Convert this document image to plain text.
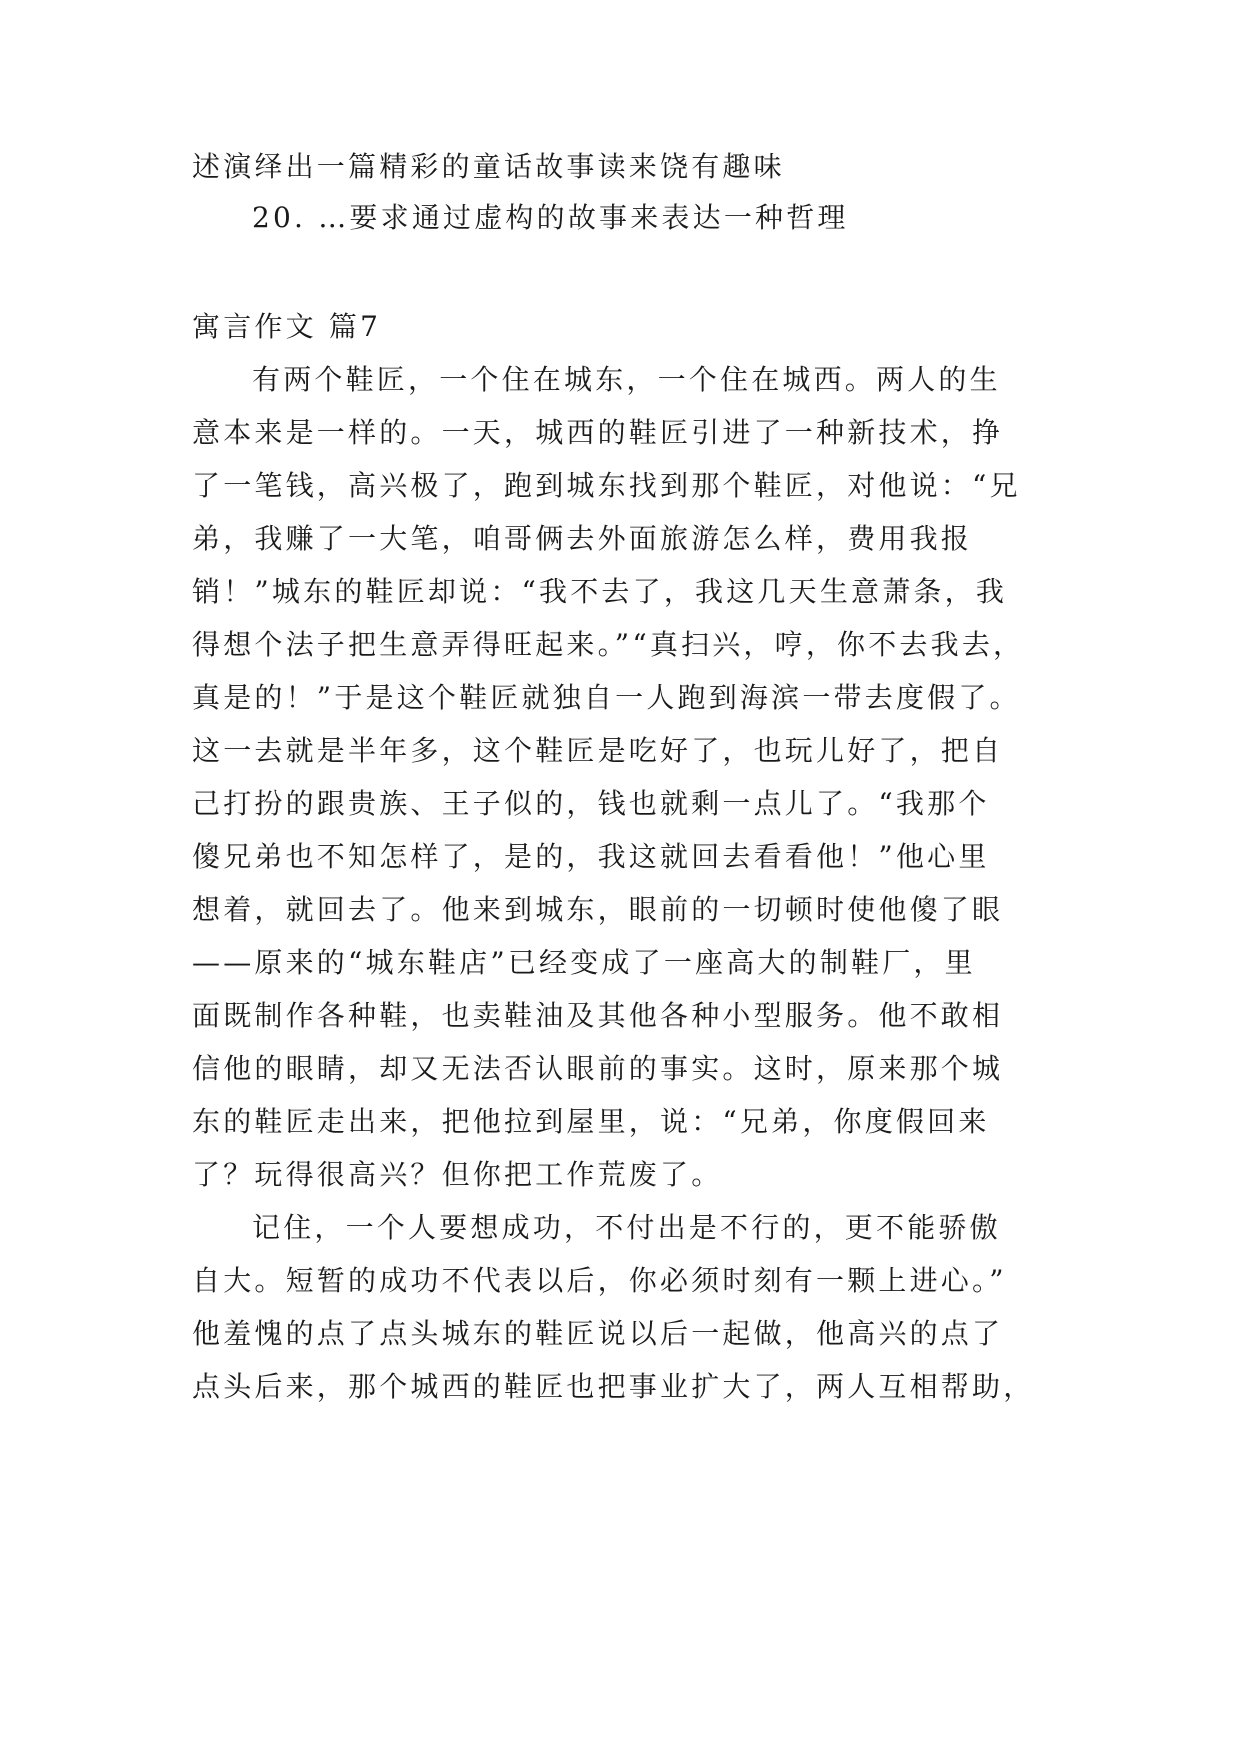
述演绎出一篇精彩的童话故事读来饶有趣味
20. …要求通过虚构的故事来表达一种哲理
寓言作文 篇7
有两个鞋匠，一个住在城东，一个住在城西。两人的生
意本来是一样的。一天，城西的鞋匠引进了一种新技术，挣
了一笔钱，高兴极了，跑到城东找到那个鞋匠，对他说：“兄
弟，我赚了一大笔，咱哥俩去外面旅游怎么样，费用我报
销！”城东的鞋匠却说：“我不去了，我这几天生意萧条，我
得想个法子把生意弄得旺起来。”“真扫兴，哼，你不去我去，
真是的！”于是这个鞋匠就独自一人跑到海滨一带去度假了。
这一去就是半年多，这个鞋匠是吃好了，也玩儿好了，把自
己打扮的跟贵族、王子似的，钱也就剩一点儿了。“我那个
傻兄弟也不知怎样了，是的，我这就回去看看他！”他心里
想着，就回去了。他来到城东，眼前的一切顿时使他傻了眼
——原来的“城东鞋店”已经变成了一座高大的制鞋厂，里
面既制作各种鞋，也卖鞋油及其他各种小型服务。他不敢相
信他的眼睛，却又无法否认眼前的事实。这时，原来那个城
东的鞋匠走出来，把他拉到屋里，说：“兄弟，你度假回来
了？玩得很高兴？但你把工作荒废了。
记住，一个人要想成功，不付出是不行的，更不能骄傲
自大。短暂的成功不代表以后，你必须时刻有一颗上进心。”
他羞愧的点了点头城东的鞋匠说以后一起做，他高兴的点了
点头后来，那个城西的鞋匠也把事业扩大了，两人互相帮助，
